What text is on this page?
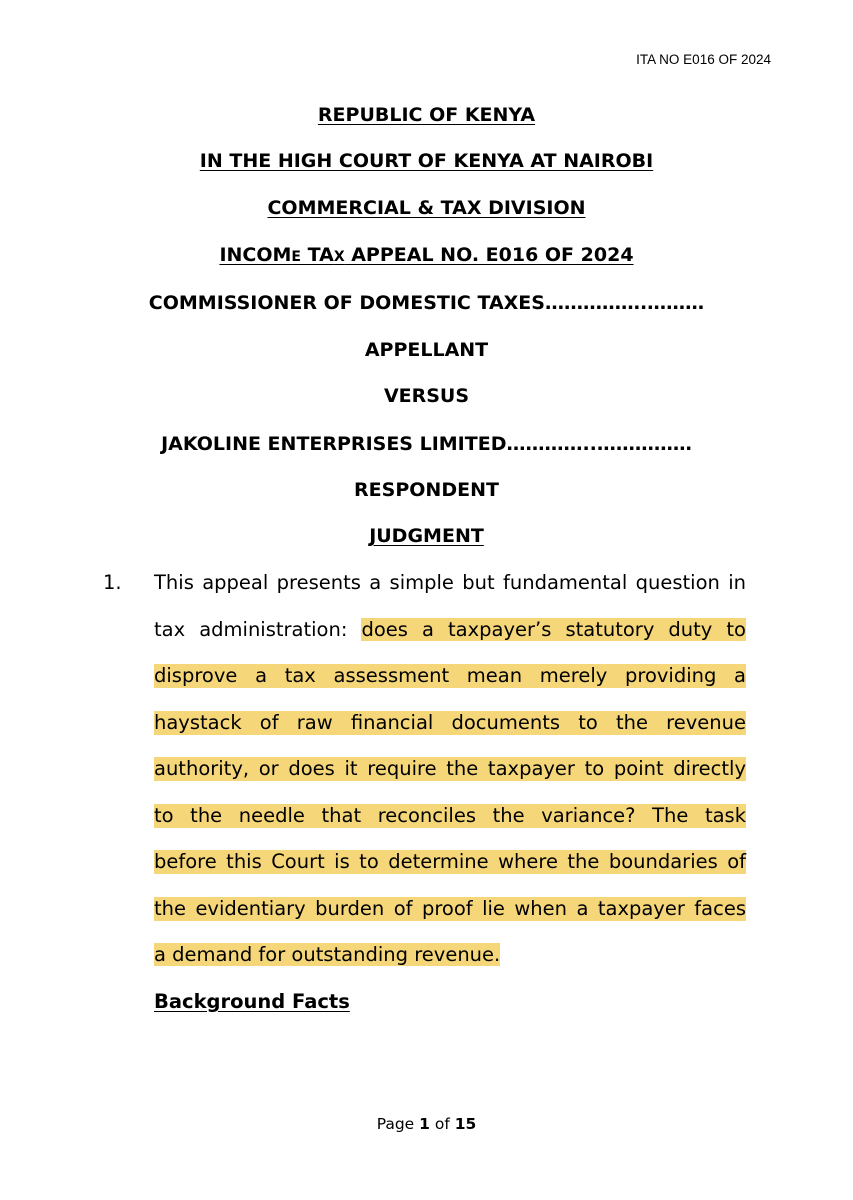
ITA NO E016 OF 2024
REPUBLIC OF KENYA
IN THE HIGH COURT OF KENYA AT NAIROBI
COMMERCIAL & TAX DIVISION
INCOME TAX APPEAL NO. E016 OF 2024
COMMISSIONER OF DOMESTIC TAXES…………….………
APPELLANT
VERSUS
JAKOLINE ENTERPRISES LIMITED…………..……………
RESPONDENT
JUDGMENT
1. This appeal presents a simple but fundamental question in
tax administration: does a taxpayer’s statutory duty to
disprove a tax assessment mean merely providing a
haystack of raw financial documents to the revenue
authority, or does it require the taxpayer to point directly
to the needle that reconciles the variance? The task
before this Court is to determine where the boundaries of
the evidentiary burden of proof lie when a taxpayer faces
a demand for outstanding revenue.
Background Facts
Page 1 of 15
